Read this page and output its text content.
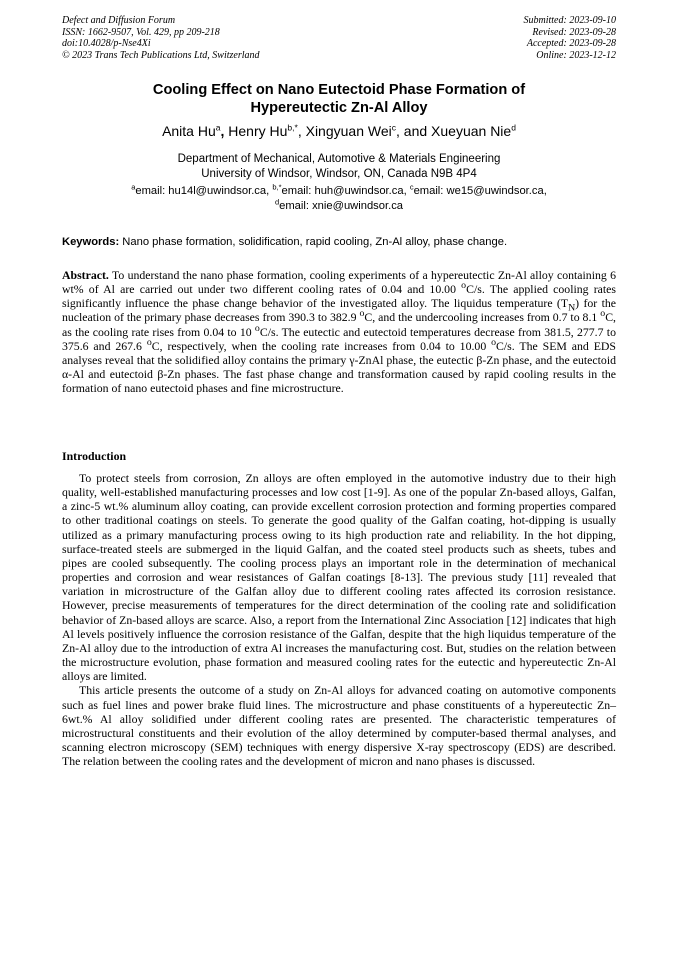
Defect and Diffusion Forum
ISSN: 1662-9507, Vol. 429, pp 209-218
doi:10.4028/p-Nse4Xi
© 2023 Trans Tech Publications Ltd, Switzerland
Submitted: 2023-09-10
Revised: 2023-09-28
Accepted: 2023-09-28
Online: 2023-12-12
Cooling Effect on Nano Eutectoid Phase Formation of
Hypereutectic Zn-Al Alloy
Anita Hu$^a$, Henry $Hu^{b,*}$, Xingyuan Wei$^c$, and Xueyuan Nie$^d$
Department of Mechanical, Automotive & Materials Engineering
University of Windsor, Windsor, ON, Canada N9B 4P4
$^a$email: hu14l@uwindsor.ca, $^{b,*}$email: huh@uwindsor.ca, $^c$email: we15@uwindsor.ca,
$^d$email: xnie@uwindsor.ca
Keywords: Nano phase formation, solidification, rapid cooling, Zn-Al alloy, phase change.
Abstract. To understand the nano phase formation, cooling experiments of a hypereutectic Zn-Al alloy containing 6 wt% of Al are carried out under two different cooling rates of 0.04 and 10.00 $^o$C/s. The applied cooling rates significantly influence the phase change behavior of the investigated alloy. The liquidus temperature $(T_N)$ for the nucleation of the primary phase decreases from 390.3 to 382.9 $^o$C, and the undercooling increases from 0.7 to 8.1 $^o$C, as the cooling rate rises from 0.04 to 10 $^o$C/s. The eutectic and eutectoid temperatures decrease from 381.5, 277.7 to 375.6 and 267.6 $^o$C, respectively, when the cooling rate increases from 0.04 to 10.00 $^o$C/s. The SEM and EDS analyses reveal that the solidified alloy contains the primary γ-ZnAl phase, the eutectic β-Zn phase, and the eutectoid α-Al and eutectoid β-Zn phases. The fast phase change and transformation caused by rapid cooling results in the formation of nano eutectoid phases and fine microstructure.
Introduction

To protect steels from corrosion, Zn alloys are often employed in the automotive industry due to their high quality, well-established manufacturing processes and low cost [1-9]. As one of the popular Zn-based alloys, Galfan, a zinc-5 wt.% aluminum alloy coating, can provide excellent corrosion protection and forming properties compared to other traditional coatings on steels. To generate the good quality of the Galfan coating, hot-dipping is usually utilized as a primary manufacturing process owing to its high production rate and reliability. In the hot dipping, surface-treated steels are submerged in the liquid Galfan, and the coated steel products such as sheets, tubes and pipes are cooled subsequently. The cooling process plays an important role in the determination of mechanical properties and corrosion and wear resistances of Galfan coatings [8-13]. The previous study [11] revealed that variation in microstructure of the Galfan alloy due to different cooling rates affected its corrosion resistance. However, precise measurements of temperatures for the direct determination of the cooling rate and solidification behavior of Zn-based alloys are scarce. Also, a report from the International Zinc Association [12] indicates that high Al levels positively influence the corrosion resistance of the Galfan, despite that the high liquidus temperature of the Zn-Al alloy due to the introduction of extra Al increases the manufacturing cost. But, studies on the relation between the microstructure evolution, phase formation and measured cooling rates for the eutectic and hypereutectic Zn-Al alloys are limited.

This article presents the outcome of a study on Zn-Al alloys for advanced coating on automotive components such as fuel lines and power brake fluid lines. The microstructure and phase constituents of a hypereutectic Zn–6wt.% Al alloy solidified under different cooling rates are presented. The characteristic temperatures of microstructural constituents and their evolution of the alloy determined by computer-based thermal analyses, and scanning electron microscopy (SEM) techniques with energy dispersive X-ray spectroscopy (EDS) are described. The relation between the cooling rates and the development of micron and nano phases is discussed.
